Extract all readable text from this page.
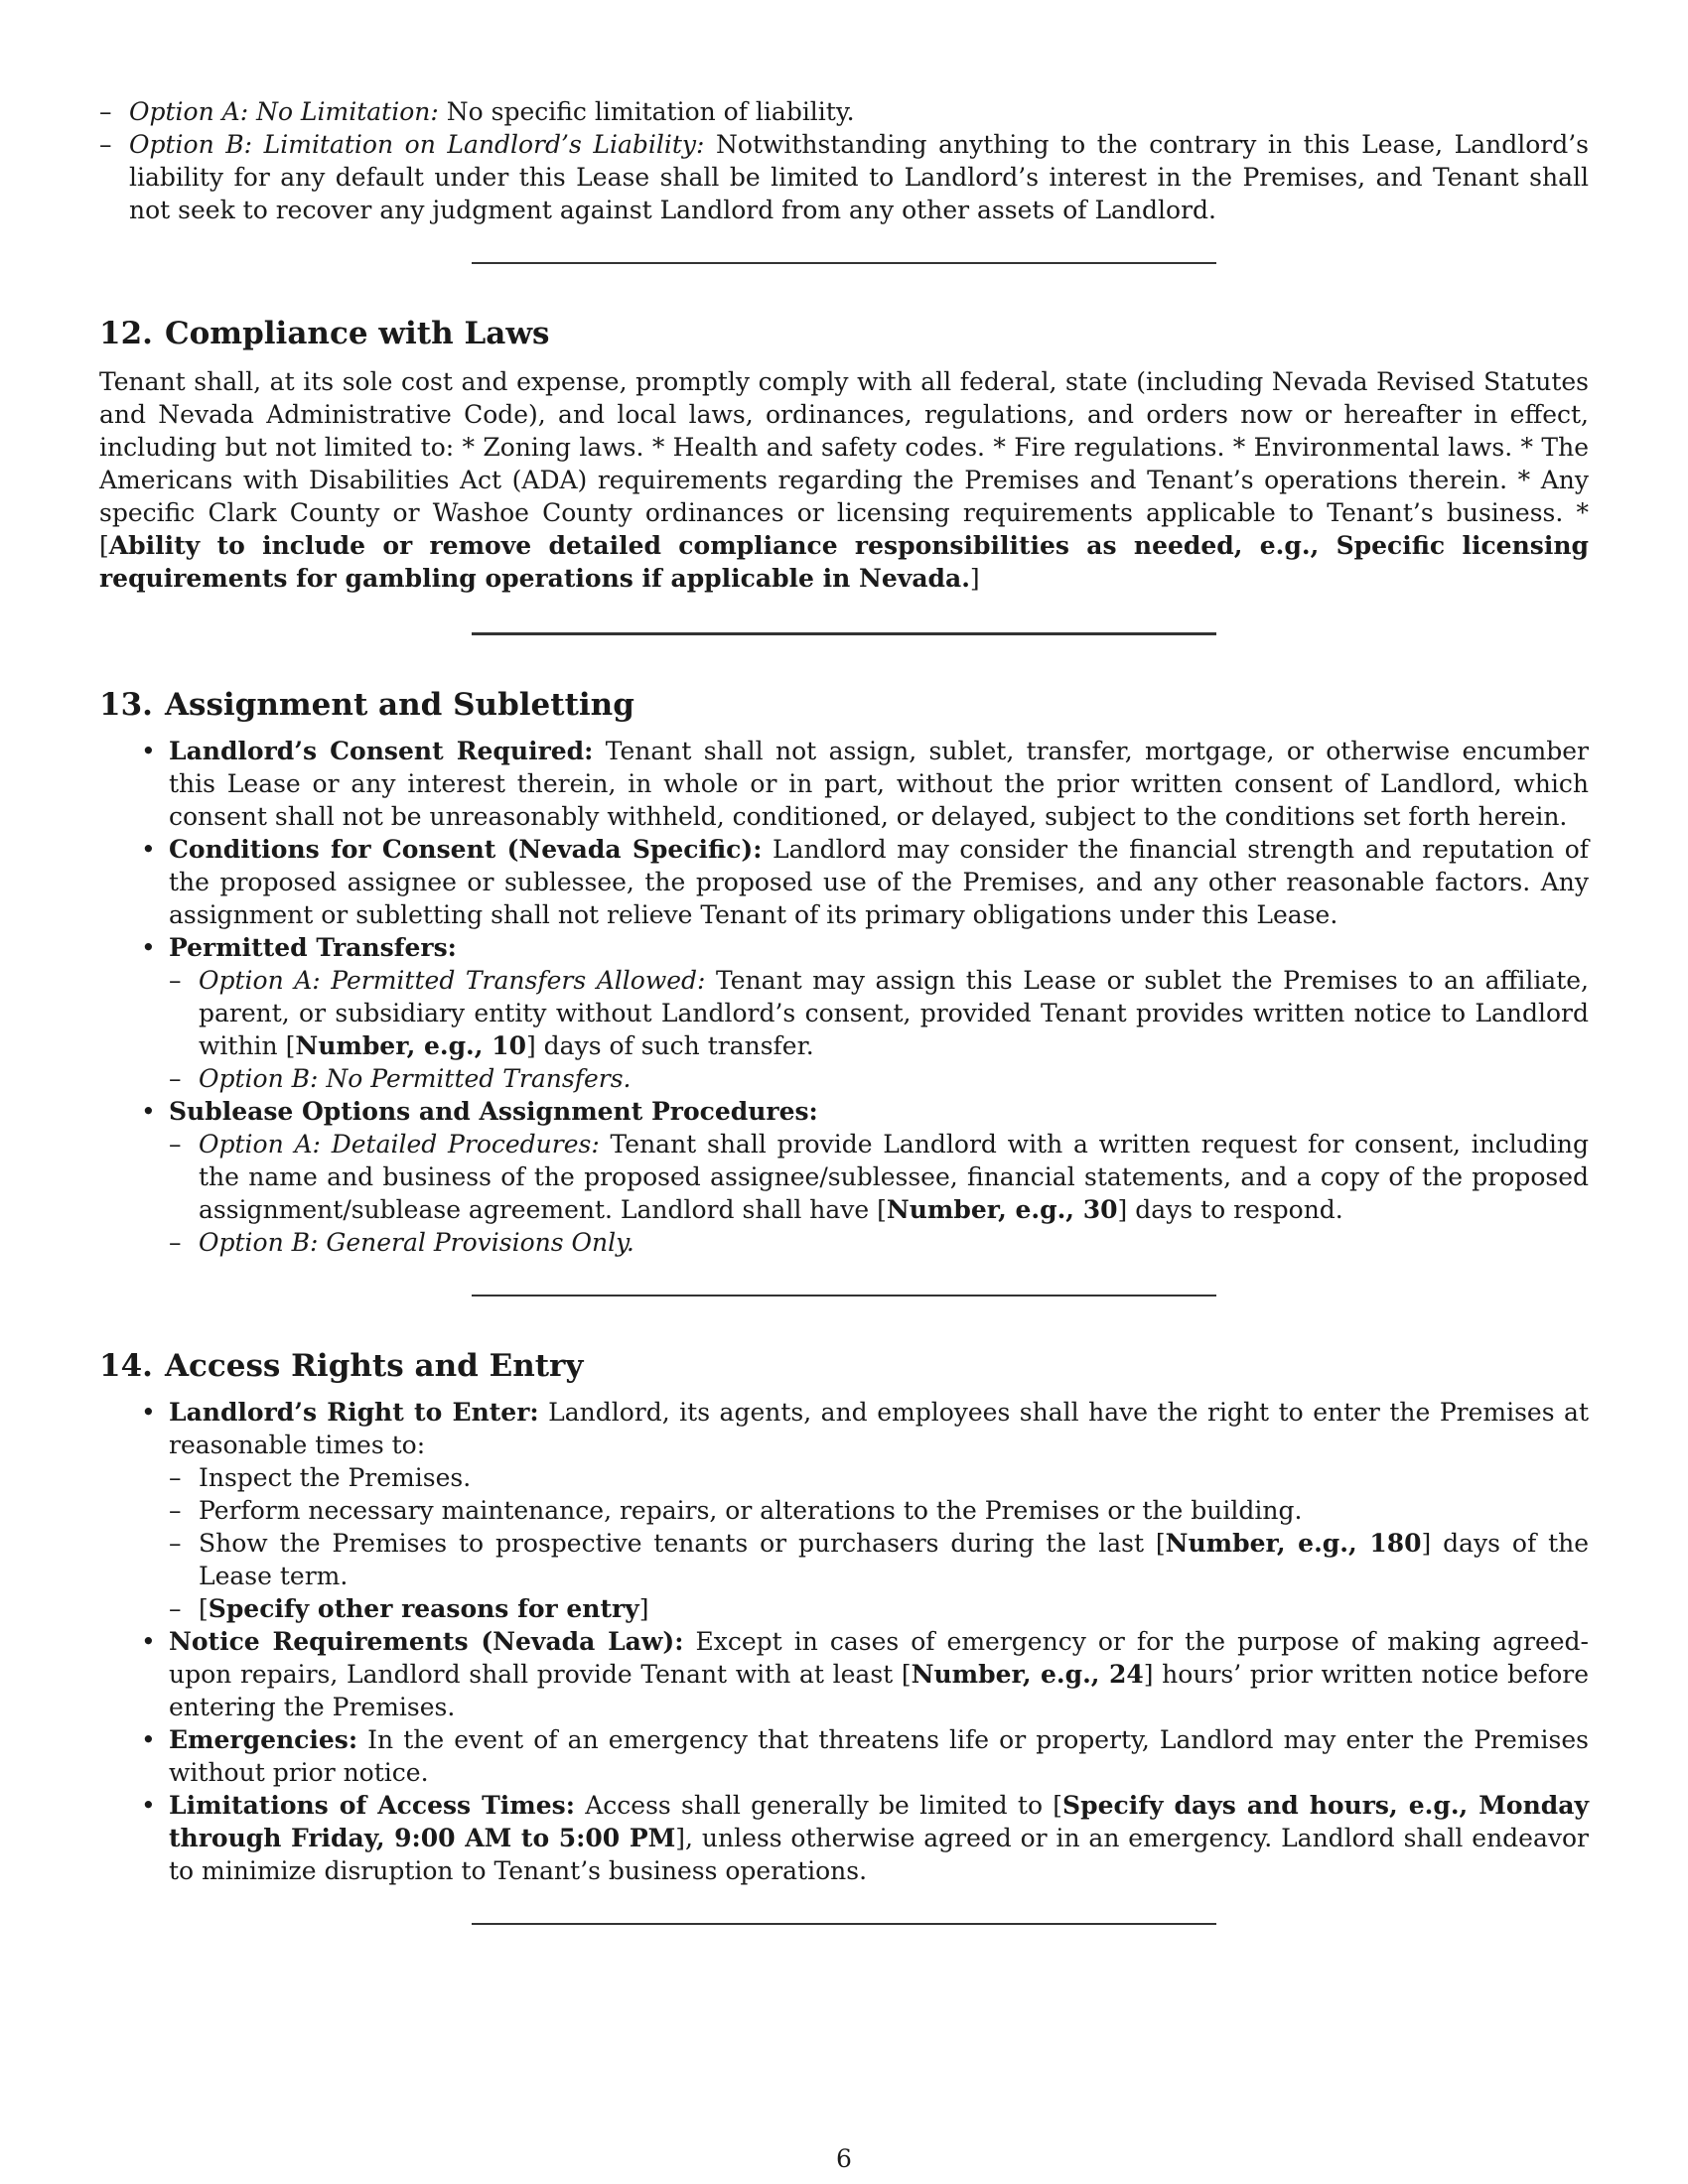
– Option A: No Limitation: No specific limitation of liability.
– Option B: Limitation on Landlord’s Liability: Notwithstanding anything to the contrary in this Lease, Landlord’s liability for any default under this Lease shall be limited to Landlord’s interest in the Premises, and Tenant shall not seek to recover any judgment against Landlord from any other assets of Landlord.
12. Compliance with Laws

Tenant shall, at its sole cost and expense, promptly comply with all federal, state (including Nevada Revised Statutes and Nevada Administrative Code), and local laws, ordinances, regulations, and orders now or hereafter in effect, including but not limited to: * Zoning laws. * Health and safety codes. * Fire regulations. * Environmental laws. * The Americans with Disabilities Act (ADA) requirements regarding the Premises and Tenant’s operations therein. * Any specific Clark County or Washoe County ordinances or licensing requirements applicable to Tenant’s business. * [Ability to include or remove detailed compliance responsibilities as needed, e.g., Specific licensing requirements for gambling operations if applicable in Nevada.]

13. Assignment and Subletting
• Landlord’s Consent Required: Tenant shall not assign, sublet, transfer, mortgage, or otherwise encumber this Lease or any interest therein, in whole or in part, without the prior written consent of Landlord, which consent shall not be unreasonably withheld, conditioned, or delayed, subject to the conditions set forth herein.
• Conditions for Consent (Nevada Specific): Landlord may consider the financial strength and reputation of the proposed assignee or sublessee, the proposed use of the Premises, and any other reasonable factors. Any assignment or subletting shall not relieve Tenant of its primary obligations under this Lease.
• Permitted Transfers:
– Option A: Permitted Transfers Allowed: Tenant may assign this Lease or sublet the Premises to an affiliate, parent, or subsidiary entity without Landlord’s consent, provided Tenant provides written notice to Landlord within [Number, e.g., 10] days of such transfer.
– Option B: No Permitted Transfers.
• Sublease Options and Assignment Procedures:
– Option A: Detailed Procedures: Tenant shall provide Landlord with a written request for consent, including the name and business of the proposed assignee/sublessee, financial statements, and a copy of the proposed assignment/sublease agreement. Landlord shall have [Number, e.g., 30] days to respond.
– Option B: General Provisions Only.
14. Access Rights and Entry
• Landlord’s Right to Enter: Landlord, its agents, and employees shall have the right to enter the Premises at reasonable times to:
– Inspect the Premises.
– Perform necessary maintenance, repairs, or alterations to the Premises or the building.
– Show the Premises to prospective tenants or purchasers during the last [Number, e.g., 180] days of the Lease term.
– [Specify other reasons for entry]
• Notice Requirements (Nevada Law): Except in cases of emergency or for the purpose of making agreed-upon repairs, Landlord shall provide Tenant with at least [Number, e.g., 24] hours’ prior written notice before entering the Premises.
• Emergencies: In the event of an emergency that threatens life or property, Landlord may enter the Premises without prior notice.
• Limitations of Access Times: Access shall generally be limited to [Specify days and hours, e.g., Monday through Friday, 9:00 AM to 5:00 PM], unless otherwise agreed or in an emergency. Landlord shall endeavor to minimize disruption to Tenant’s business operations.
6
